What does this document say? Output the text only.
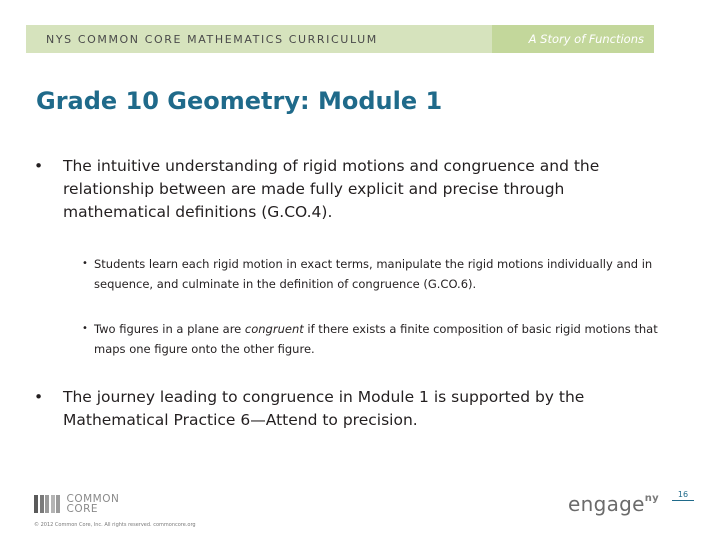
NYS COMMON CORE MATHEMATICS CURRICULUM	A Story of Functions
Grade 10 Geometry: Module 1
• The intuitive understanding of rigid motions and congruence and the relationship between are made fully explicit and precise through mathematical definitions (G.CO.4).
• Students learn each rigid motion in exact terms, manipulate the rigid motions individually and in sequence, and culminate in the definition of congruence (G.CO.6).
• Two figures in a plane are congruent if there exists a finite composition of basic rigid motions that maps one figure onto the other figure.
• The journey leading to congruence in Module 1 is supported by the Mathematical Practice 6—Attend to precision.
COMMON
CORE
© 2012 Common Core, Inc. All rights reserved. commoncore.org
engage$^{ny}$	16
